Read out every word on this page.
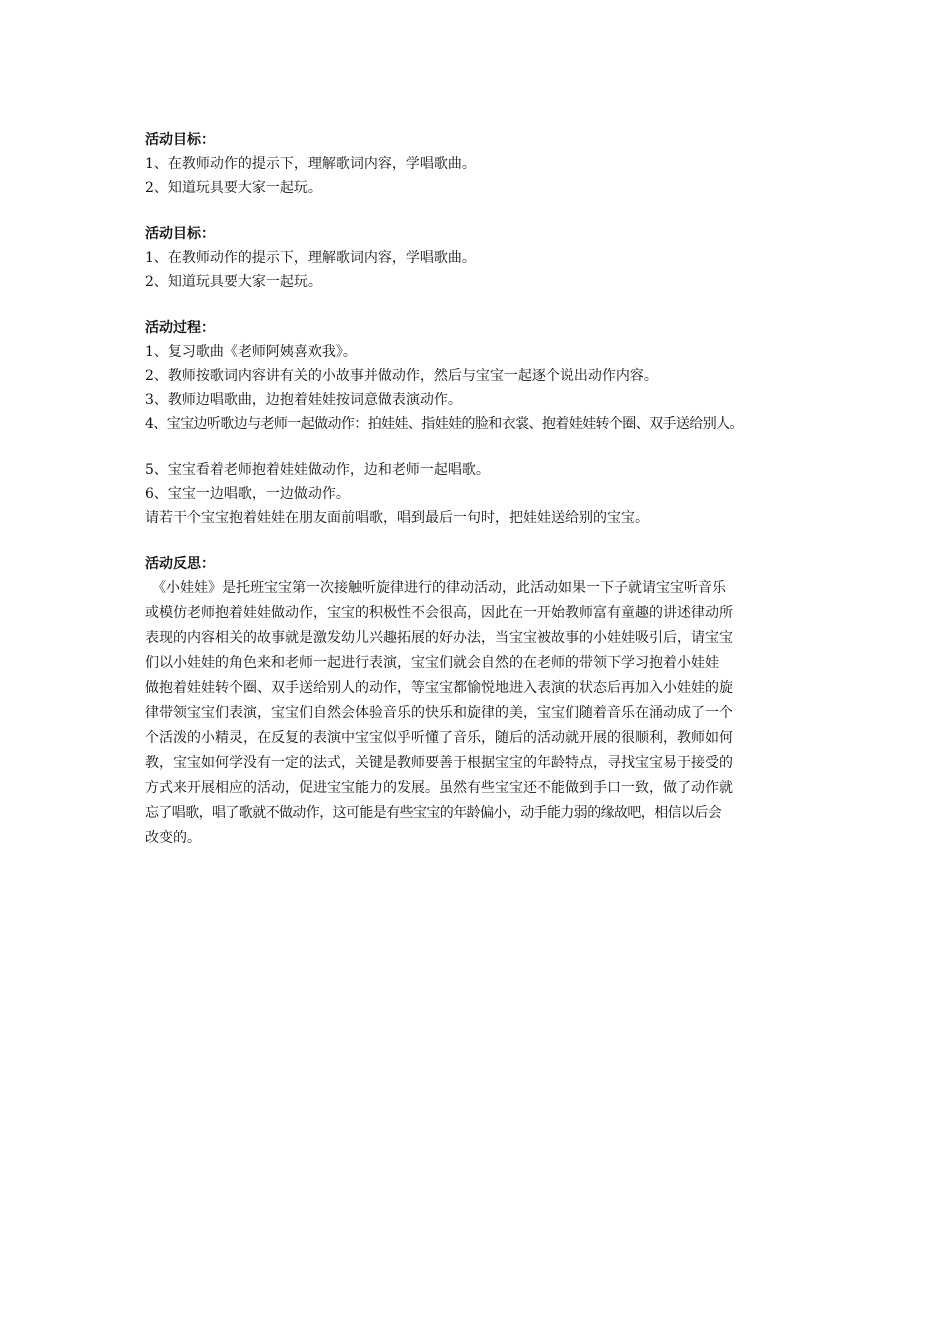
活动目标：

1、在教师动作的提示下，理解歌词内容，学唱歌曲。

2、知道玩具要大家一起玩。

活动目标：

1、在教师动作的提示下，理解歌词内容，学唱歌曲。

2、知道玩具要大家一起玩。

活动过程：

1、复习歌曲《老师阿姨喜欢我》。

2、教师按歌词内容讲有关的小故事并做动作，然后与宝宝一起逐个说出动作内容。

3、教师边唱歌曲，边抱着娃娃按词意做表演动作。

4、宝宝边听歌边与老师一起做动作：拍娃娃、指娃娃的脸和衣裳、抱着娃娃转个圈、双手送给别人。

5、宝宝看着老师抱着娃娃做动作，边和老师一起唱歌。

6、宝宝一边唱歌，一边做动作。

请若干个宝宝抱着娃娃在朋友面前唱歌，唱到最后一句时，把娃娃送给别的宝宝。

活动反思：

　《小娃娃》是托班宝宝第一次接触听旋律进行的律动活动，此活动如果一下子就请宝宝听音乐
或模仿老师抱着娃娃做动作，宝宝的积极性不会很高，因此在一开始教师富有童趣的讲述律动所
表现的内容相关的故事就是激发幼儿兴趣拓展的好办法，当宝宝被故事的小娃娃吸引后，请宝宝
们以小娃娃的角色来和老师一起进行表演，宝宝们就会自然的在老师的带领下学习抱着小娃娃
做抱着娃娃转个圈、双手送给别人的动作，等宝宝都愉悦地进入表演的状态后再加入小娃娃的旋
律带领宝宝们表演，宝宝们自然会体验音乐的快乐和旋律的美，宝宝们随着音乐在涌动成了一个
个活泼的小精灵，在反复的表演中宝宝似乎听懂了音乐，随后的活动就开展的很顺利，教师如何
教，宝宝如何学没有一定的法式，关键是教师要善于根据宝宝的年龄特点，寻找宝宝易于接受的
方式来开展相应的活动，促进宝宝能力的发展。虽然有些宝宝还不能做到手口一致，做了动作就
忘了唱歌，唱了歌就不做动作，这可能是有些宝宝的年龄偏小，动手能力弱的缘故吧，相信以后会
改变的。
